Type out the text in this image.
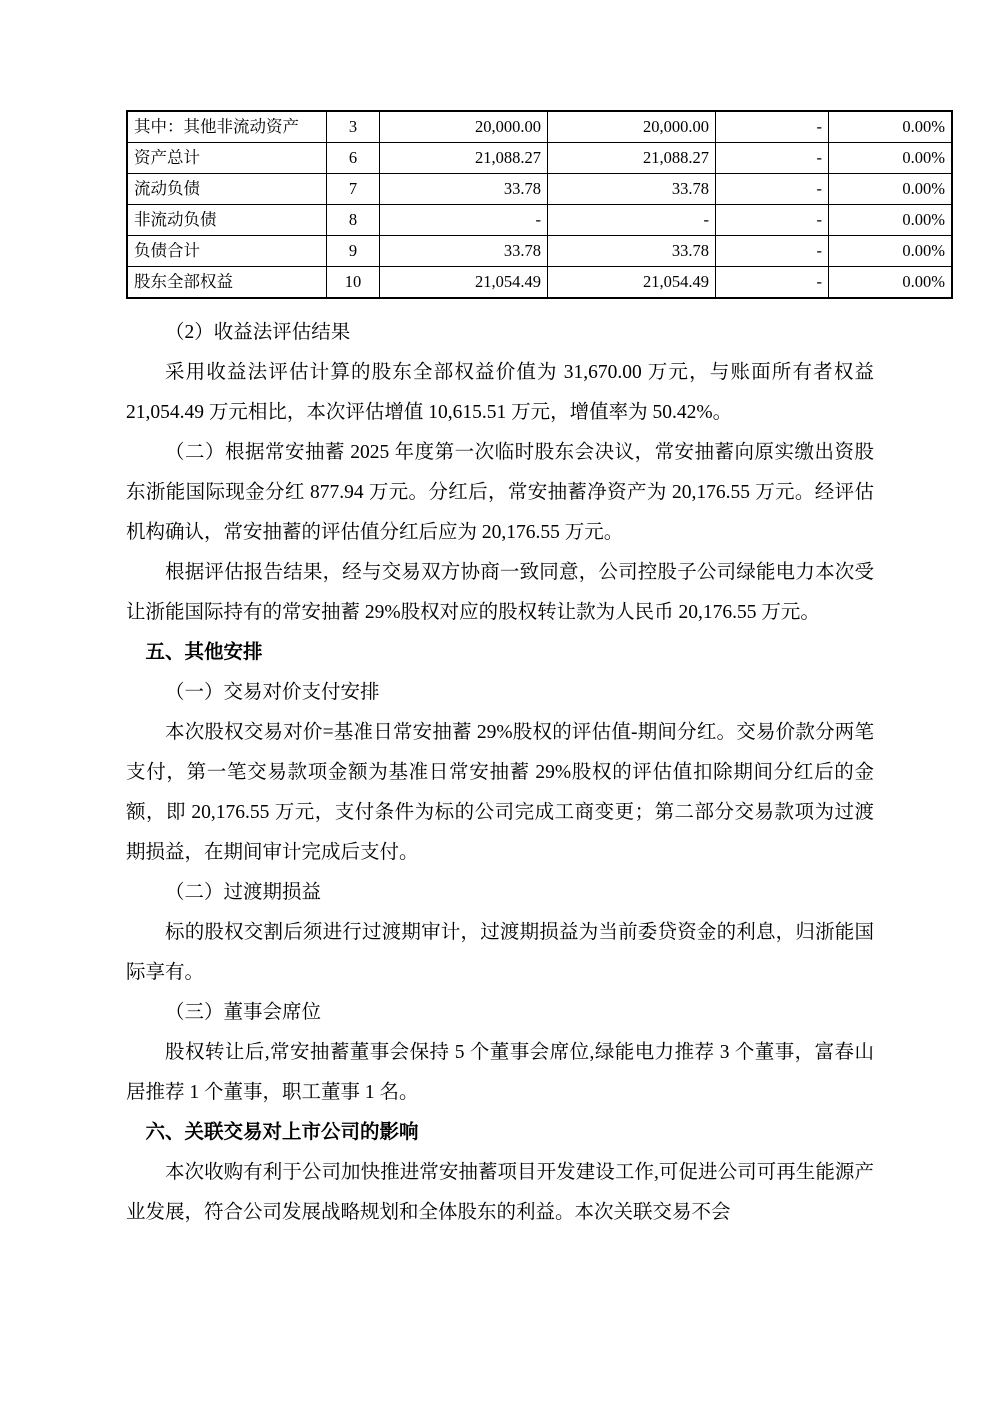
其中：其他非流动资产	3	20,000.00	20,000.00	-	0.00%
资产总计	6	21,088.27	21,088.27	-	0.00%
流动负债	7	33.78	33.78	-	0.00%
非流动负债	8	-	-	-	0.00%
负债合计	9	33.78	33.78	-	0.00%
股东全部权益	10	21,054.49	21,054.49	-	0.00%

（2）收益法评估结果

采用收益法评估计算的股东全部权益价值为 31,670.00 万元，与账面所有者权益 21,054.49 万元相比，本次评估增值 10,615.51 万元，增值率为 50.42%。

（二）根据常安抽蓄 2025 年度第一次临时股东会决议，常安抽蓄向原实缴出资股东浙能国际现金分红 877.94 万元。分红后，常安抽蓄净资产为 20,176.55 万元。经评估机构确认，常安抽蓄的评估值分红后应为 20,176.55 万元。

根据评估报告结果，经与交易双方协商一致同意，公司控股子公司绿能电力本次受让浙能国际持有的常安抽蓄 29%股权对应的股权转让款为人民币 20,176.55 万元。

五、其他安排

（一）交易对价支付安排

本次股权交易对价=基准日常安抽蓄 29%股权的评估值-期间分红。交易价款分两笔支付，第一笔交易款项金额为基准日常安抽蓄 29%股权的评估值扣除期间分红后的金额，即 20,176.55 万元，支付条件为标的公司完成工商变更；第二部分交易款项为过渡期损益，在期间审计完成后支付。

（二）过渡期损益

标的股权交割后须进行过渡期审计，过渡期损益为当前委贷资金的利息，归浙能国际享有。

（三）董事会席位

股权转让后,常安抽蓄董事会保持 5 个董事会席位,绿能电力推荐 3 个董事，富春山居推荐 1 个董事，职工董事 1 名。

六、关联交易对上市公司的影响

本次收购有利于公司加快推进常安抽蓄项目开发建设工作,可促进公司可再生能源产业发展，符合公司发展战略规划和全体股东的利益。本次关联交易不会
